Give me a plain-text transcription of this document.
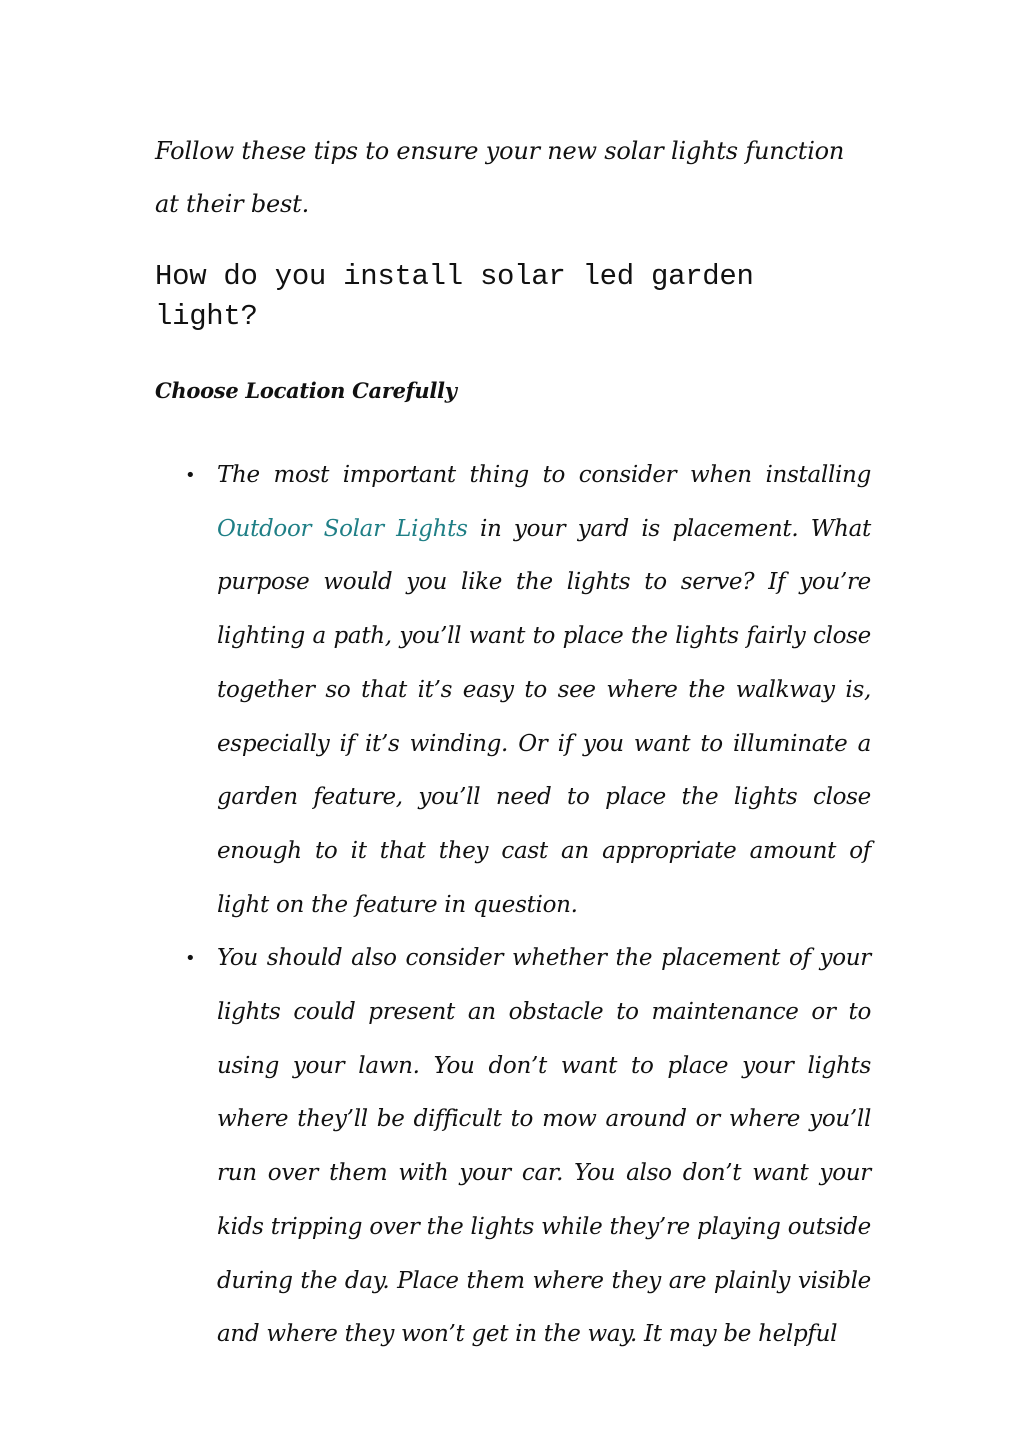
Follow these tips to ensure your new solar lights function at their best.

How do you install solar led garden light?
Choose Location Carefully
• The most important thing to consider when installing Outdoor Solar Lights in your yard is placement. What purpose would you like the lights to serve? If you’re lighting a path, you’ll want to place the lights fairly close together so that it’s easy to see where the walkway is, especially if it’s winding. Or if you want to illuminate a garden feature, you’ll need to place the lights close enough to it that they cast an appropriate amount of light on the feature in question.
• You should also consider whether the placement of your lights could present an obstacle to maintenance or to using your lawn. You don’t want to place your lights where they’ll be difficult to mow around or where you’ll run over them with your car. You also don’t want your kids tripping over the lights while they’re playing outside during the day. Place them where they are plainly visible and where they won’t get in the way. It may be helpful
